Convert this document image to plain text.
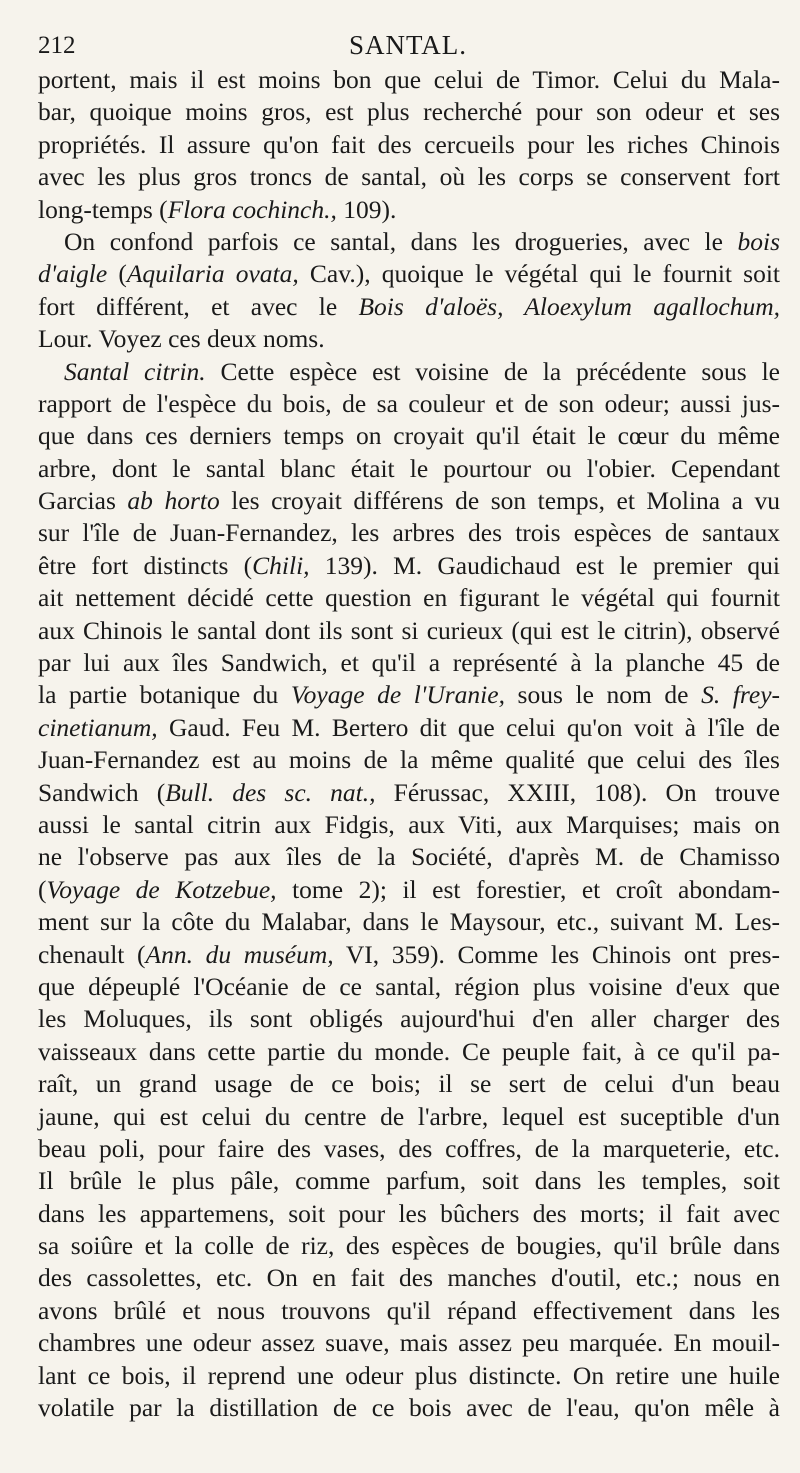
212	SANTAL.
portent, mais il est moins bon que celui de Timor. Celui du Mala-
bar, quoique moins gros, est plus recherché pour son odeur et ses
propriétés. Il assure qu'on fait des cercueils pour les riches Chinois
avec les plus gros troncs de santal, où les corps se conservent fort
long-temps (Flora cochinch., 109).
On confond parfois ce santal, dans les drogueries, avec le bois
d'aigle (Aquilaria ovata, Cav.), quoique le végétal qui le fournit soit
fort différent, et avec le Bois d'aloës, Aloexylum agallochum,
Lour. Voyez ces deux noms.
Santal citrin. Cette espèce est voisine de la précédente sous le
rapport de l'espèce du bois, de sa couleur et de son odeur; aussi jus-
que dans ces derniers temps on croyait qu'il était le cœur du même
arbre, dont le santal blanc était le pourtour ou l'obier. Cependant
Garcias ab horto les croyait différens de son temps, et Molina a vu
sur l'île de Juan-Fernandez, les arbres des trois espèces de santaux
être fort distincts (Chili, 139). M. Gaudichaud est le premier qui
ait nettement décidé cette question en figurant le végétal qui fournit
aux Chinois le santal dont ils sont si curieux (qui est le citrin), observé
par lui aux îles Sandwich, et qu'il a représenté à la planche 45 de
la partie botanique du Voyage de l'Uranie, sous le nom de S. frey-
cinetianum, Gaud. Feu M. Bertero dit que celui qu'on voit à l'île de
Juan-Fernandez est au moins de la même qualité que celui des îles
Sandwich (Bull. des sc. nat., Férussac, XXIII, 108). On trouve
aussi le santal citrin aux Fidgis, aux Viti, aux Marquises; mais on
ne l'observe pas aux îles de la Société, d'après M. de Chamisso
(Voyage de Kotzebue, tome 2); il est forestier, et croît abondam-
ment sur la côte du Malabar, dans le Maysour, etc., suivant M. Les-
chenault (Ann. du muséum, VI, 359). Comme les Chinois ont pres-
que dépeuplé l'Océanie de ce santal, région plus voisine d'eux que
les Moluques, ils sont obligés aujourd'hui d'en aller charger des
vaisseaux dans cette partie du monde. Ce peuple fait, à ce qu'il pa-
raît, un grand usage de ce bois; il se sert de celui d'un beau
jaune, qui est celui du centre de l'arbre, lequel est suceptible d'un
beau poli, pour faire des vases, des coffres, de la marqueterie, etc.
Il brûle le plus pâle, comme parfum, soit dans les temples, soit
dans les appartemens, soit pour les bûchers des morts; il fait avec
sa soiûre et la colle de riz, des espèces de bougies, qu'il brûle dans
des cassolettes, etc. On en fait des manches d'outil, etc.; nous en
avons brûlé et nous trouvons qu'il répand effectivement dans les
chambres une odeur assez suave, mais assez peu marquée. En mouil-
lant ce bois, il reprend une odeur plus distincte. On retire une huile
volatile par la distillation de ce bois avec de l'eau, qu'on mêle à
